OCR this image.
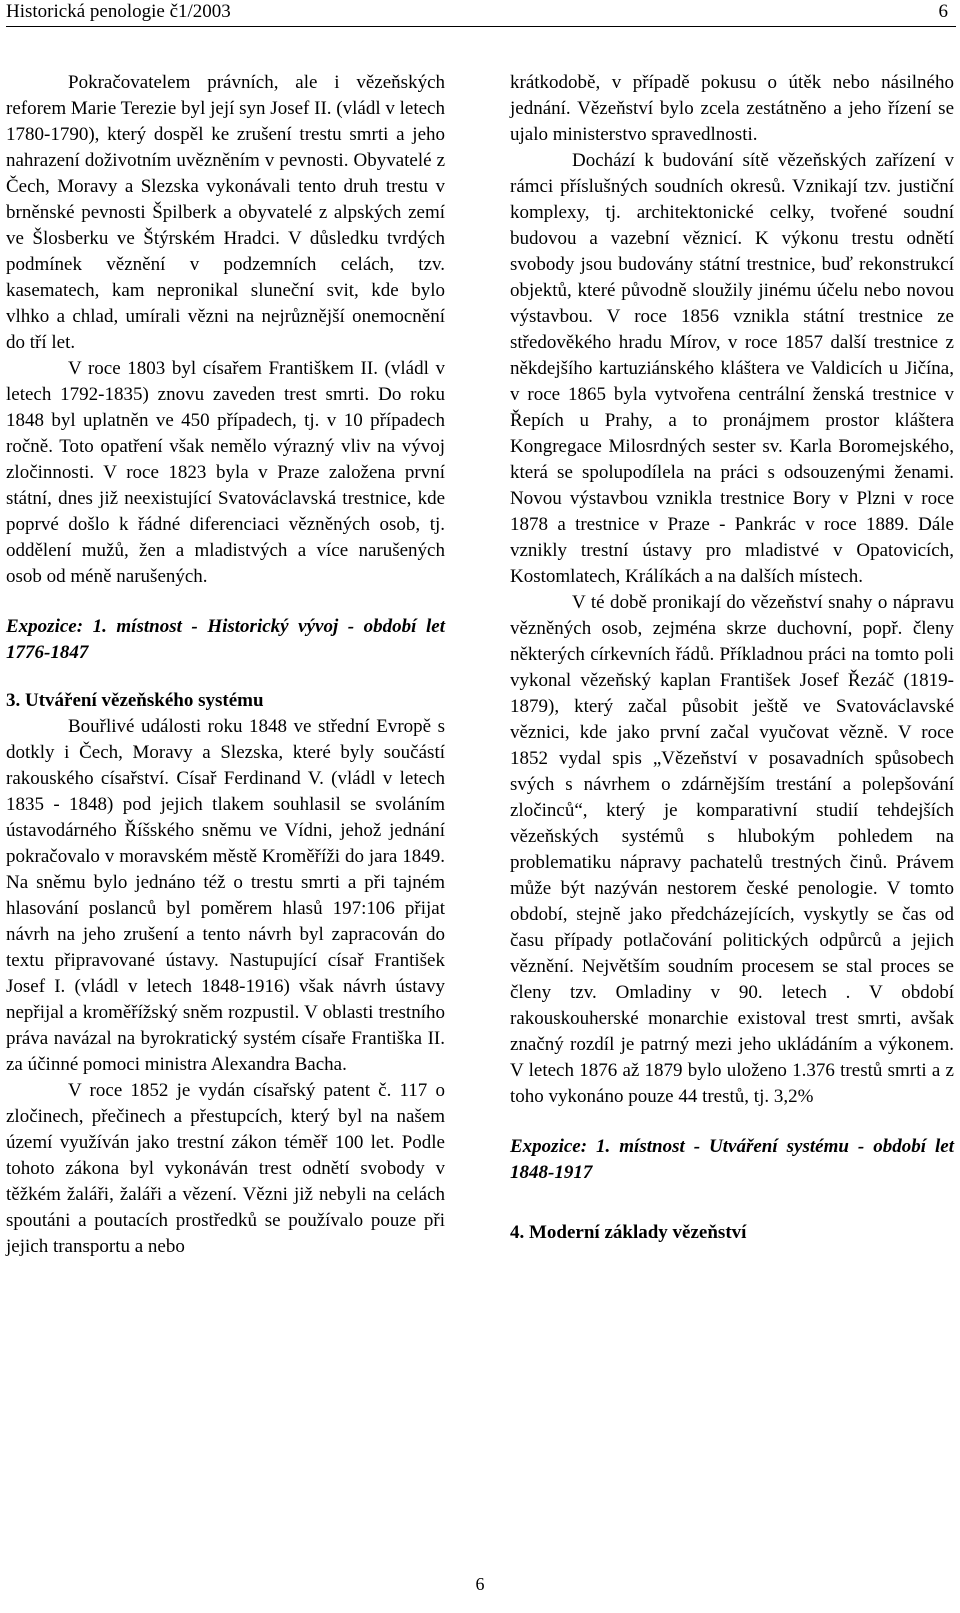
Historická penologie č1/2003	6

Pokračovatelem právních, ale i vězeňských reforem Marie Terezie byl její syn Josef II. (vládl v letech 1780-1790), který dospěl ke zrušení trestu smrti a jeho nahrazení doživotním uvězněním v pevnosti. Obyvatelé z Čech, Moravy a Slezska vykonávali tento druh trestu v brněnské pevnosti Špilberk a obyvatelé z alpských zemí ve Šlosberku ve Štýrském Hradci. V důsledku tvrdých podmínek věznění v podzemních celách, tzv. kasematech, kam nepronikal sluneční svit, kde bylo vlhko a chlad, umírali vězni na nejrůznější onemocnění do tří let.

V roce 1803 byl císařem Františkem II. (vládl v letech 1792-1835) znovu zaveden trest smrti. Do roku 1848 byl uplatněn ve 450 případech, tj. v 10 případech ročně. Toto opatření však nemělo výrazný vliv na vývoj zločinnosti. V roce 1823 byla v Praze založena první státní, dnes již neexistující Svatováclavská trestnice, kde poprvé došlo k řádné diferenciaci vězněných osob, tj. oddělení mužů, žen a mladistvých a více narušených osob od méně narušených.

Expozice: 1. místnost - Historický vývoj - období let 1776-1847

3. Utváření vězeňského systému

Bouřlivé události roku 1848 ve střední Evropě s dotkly i Čech, Moravy a Slezska, které byly součástí rakouského císařství. Císař Ferdinand V. (vládl v letech 1835 - 1848) pod jejich tlakem souhlasil se svoláním ústavodárného Říšského sněmu ve Vídni, jehož jednání pokračovalo v moravském městě Kroměříži do jara 1849. Na sněmu bylo jednáno též o trestu smrti a při tajném hlasování poslanců byl poměrem hlasů 197:106 přijat návrh na jeho zrušení a tento návrh byl zapracován do textu připravované ústavy. Nastupující císař František Josef I. (vládl v letech 1848-1916) však návrh ústavy nepřijal a kroměřížský sněm rozpustil. V oblasti trestního práva navázal na byrokratický systém císaře Františka II. za účinné pomoci ministra Alexandra Bacha.

V roce 1852 je vydán císařský patent č. 117 o zločinech, přečinech a přestupcích, který byl na našem území využíván jako trestní zákon téměř 100 let. Podle tohoto zákona byl vykonáván trest odnětí svobody v těžkém žaláři, žaláři a vězení. Vězni již nebyli na celách spoutáni a poutacích prostředků se používalo pouze při jejich transportu a nebo

krátkodobě, v případě pokusu o útěk nebo násilného jednání. Vězeňství bylo zcela zestátněno a jeho řízení se ujalo ministerstvo spravedlnosti.

Dochází k budování sítě vězeňských zařízení v rámci příslušných soudních okresů. Vznikají tzv. justiční komplexy, tj. architektonické celky, tvořené soudní budovou a vazební věznicí. K výkonu trestu odnětí svobody jsou budovány státní trestnice, buď rekonstrukcí objektů, které původně sloužily jinému účelu nebo novou výstavbou. V roce 1856 vznikla státní trestnice ze středověkého hradu Mírov, v roce 1857 další trestnice z někdejšího kartuziánského kláštera ve Valdicích u Jičína, v roce 1865 byla vytvořena centrální ženská trestnice v Řepích u Prahy, a to pronájmem prostor kláštera Kongregace Milosrdných sester sv. Karla Boromejského, která se spolupodílela na práci s odsouzenými ženami. Novou výstavbou vznikla trestnice Bory v Plzni v roce 1878 a trestnice v Praze - Pankrác v roce 1889. Dále vznikly trestní ústavy pro mladistvé v Opatovicích, Kostomlatech, Králíkách a na dalších místech.

V té době pronikají do vězeňství snahy o nápravu vězněných osob, zejména skrze duchovní, popř. členy některých církevních řádů. Příkladnou práci na tomto poli vykonal vězeňský kaplan František Josef Řezáč (1819-1879), který začal působit ještě ve Svatováclavské věznici, kde jako první začal vyučovat vězně. V roce 1852 vydal spis „Vězeňství v posavadních spůsobech svých s návrhem o zdárnějším trestání a polepšování zločinců“, který je komparativní studií tehdejších vězeňských systémů s hlubokým pohledem na problematiku nápravy pachatelů trestných činů. Právem může být nazýván nestorem české penologie. V tomto období, stejně jako předcházejících, vyskytly se čas od času případy potlačování politických odpůrců a jejich věznění. Největším soudním procesem se stal proces se členy tzv. Omladiny v 90. letech . V období rakouskouherské monarchie existoval trest smrti, avšak značný rozdíl je patrný mezi jeho ukládáním a výkonem. V letech 1876 až 1879 bylo uloženo 1.376 trestů smrti a z toho vykonáno pouze 44 trestů, tj. 3,2%

Expozice: 1. místnost - Utváření systému - období let 1848-1917

4. Moderní základy vězeňství

6
